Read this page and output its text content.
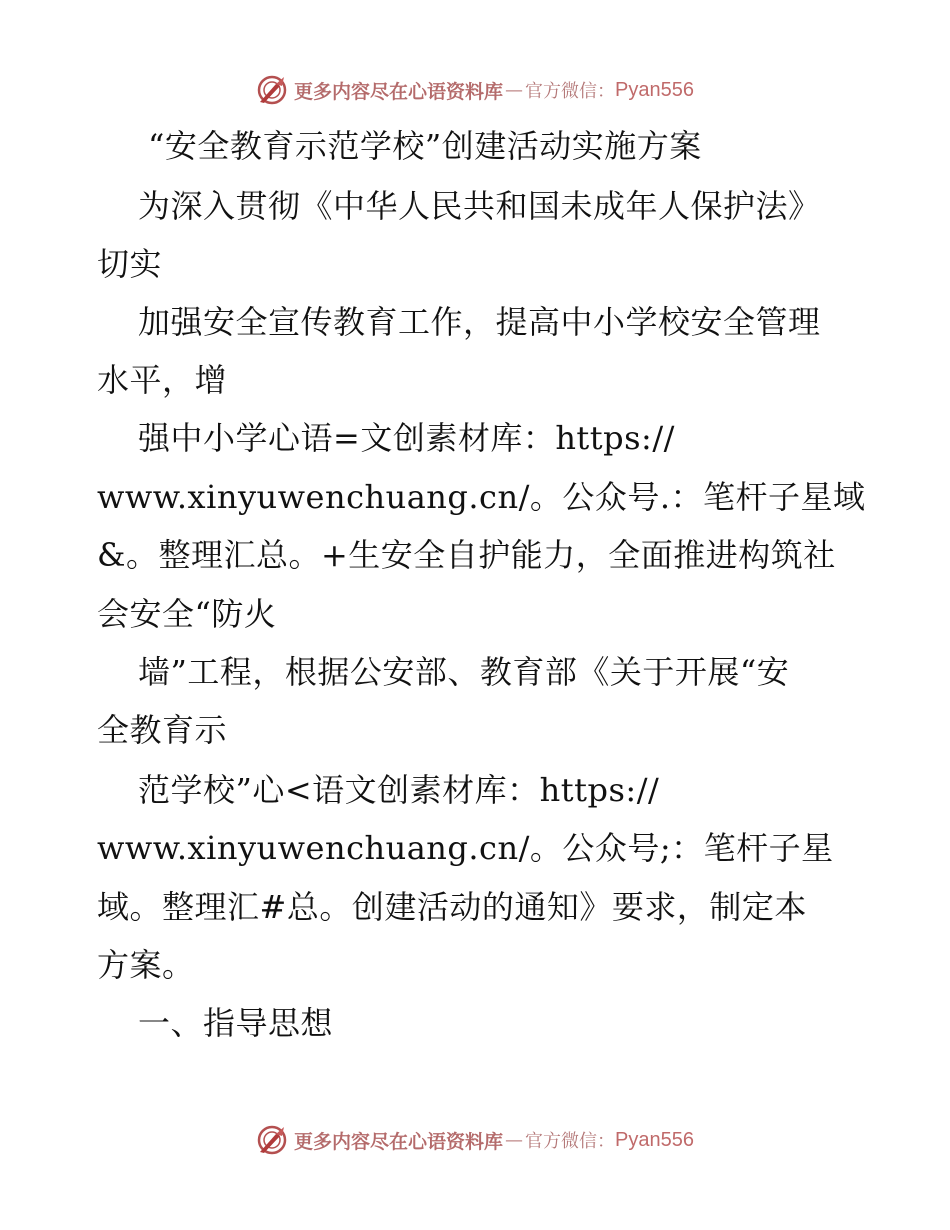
更多内容尽在心语资料库 — 官方微信： Pyan556
“安全教育示范学校”创建活动实施方案
为深入贯彻《中华人民共和国未成年人保护法》
切实
加强安全宣传教育工作，提高中小学校安全管理
水平，增
强中小学心语=文创素材库：https://
www.xinyuwenchuang.cn/。公众号.：笔杆子星域
&。整理汇总。+生安全自护能力，全面推进构筑社
会安全“防火
墙”工程，根据公安部、教育部《关于开展“安
全教育示
范学校”心<语文创素材库：https://
www.xinyuwenchuang.cn/。公众号;：笔杆子星
域。整理汇#总。创建活动的通知》要求，制定本
方案。
一、指导思想
更多内容尽在心语资料库 — 官方微信： Pyan556
